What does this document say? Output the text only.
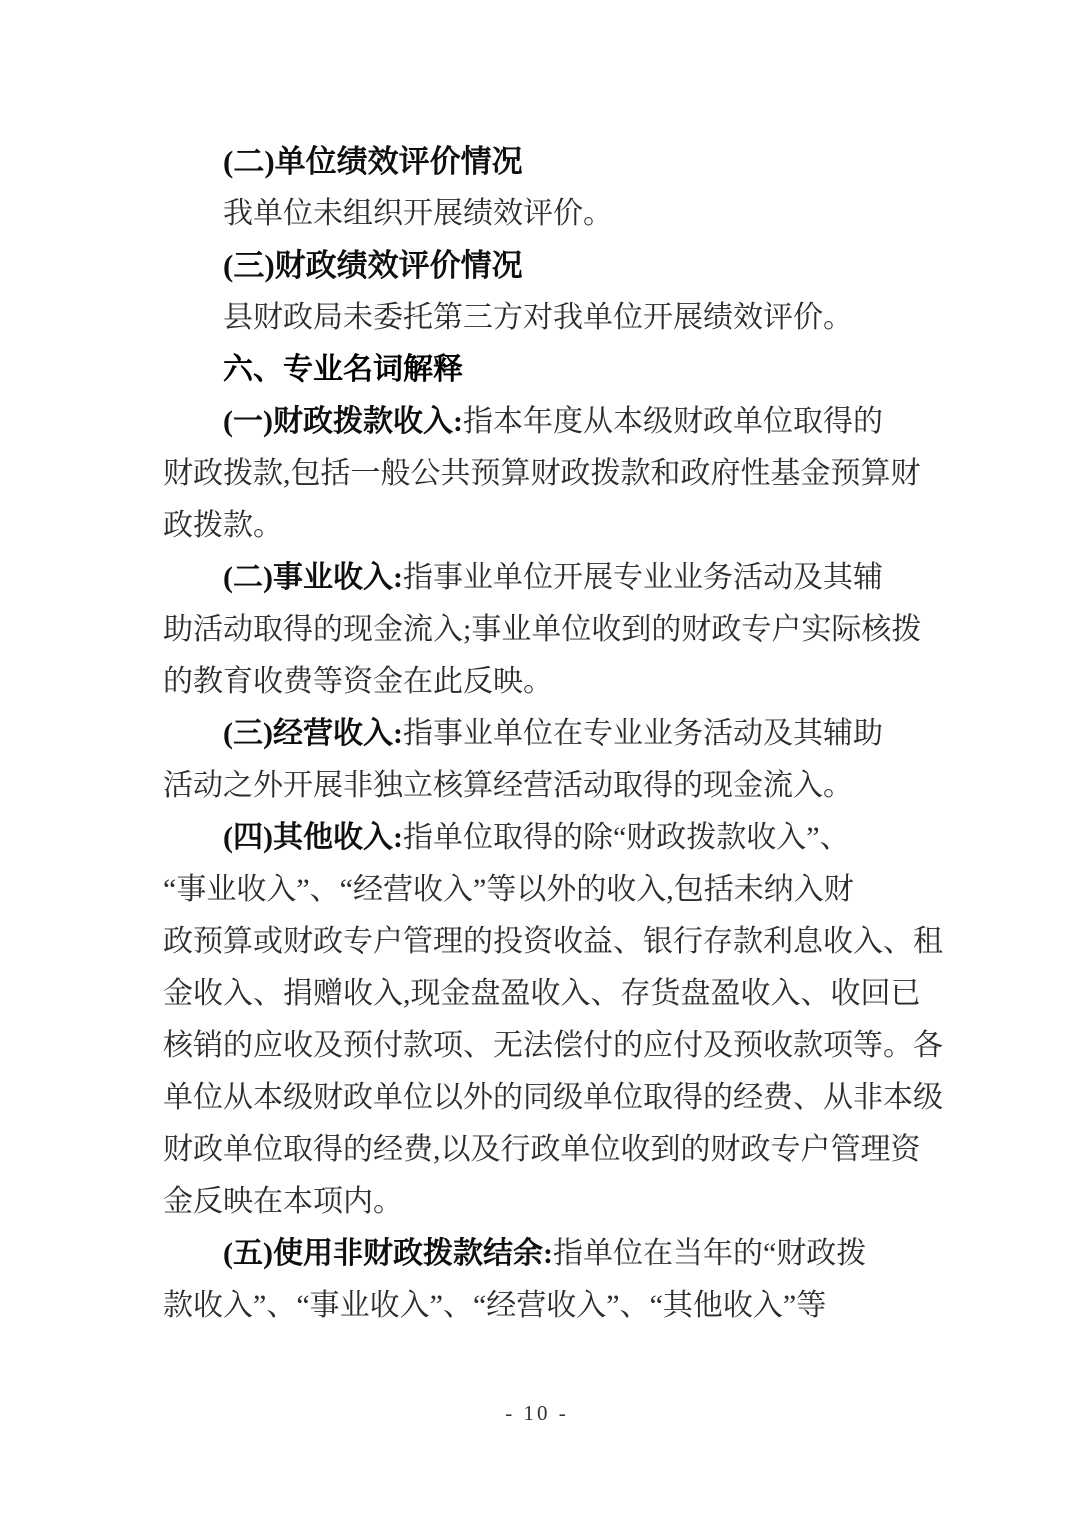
(二)单位绩效评价情况
我单位未组织开展绩效评价。
(三)财政绩效评价情况
县财政局未委托第三方对我单位开展绩效评价。
六、专业名词解释
(一)财政拨款收入:指本年度从本级财政单位取得的
财政拨款,包括一般公共预算财政拨款和政府性基金预算财
政拨款。
(二)事业收入:指事业单位开展专业业务活动及其辅
助活动取得的现金流入;事业单位收到的财政专户实际核拨
的教育收费等资金在此反映。
(三)经营收入:指事业单位在专业业务活动及其辅助
活动之外开展非独立核算经营活动取得的现金流入。
(四)其他收入:指单位取得的除“财政拨款收入”、
“事业收入”、“经营收入”等以外的收入,包括未纳入财
政预算或财政专户管理的投资收益、银行存款利息收入、租
金收入、捐赠收入,现金盘盈收入、存货盘盈收入、收回已
核销的应收及预付款项、无法偿付的应付及预收款项等。各
单位从本级财政单位以外的同级单位取得的经费、从非本级
财政单位取得的经费,以及行政单位收到的财政专户管理资
金反映在本项内。
(五)使用非财政拨款结余:指单位在当年的“财政拨
款收入”、“事业收入”、“经营收入”、“其他收入”等
- 10 -
